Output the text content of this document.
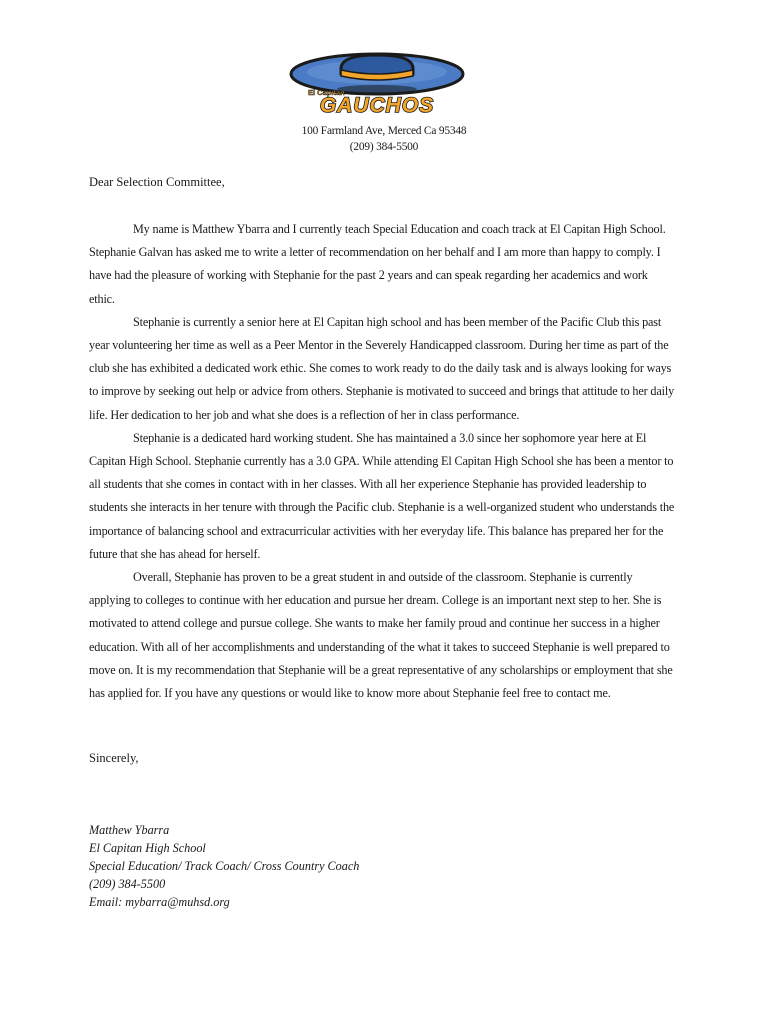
El Capitan
GAUCHOS
100 Farmland Ave, Merced Ca 95348
(209) 384-5500
Dear Selection Committee,

My name is Matthew Ybarra and I currently teach Special Education and coach track at El Capitan High School. Stephanie Galvan has asked me to write a letter of recommendation on her behalf and I am more than happy to comply. I have had the pleasure of working with Stephanie for the past 2 years and can speak regarding her academics and work ethic.

Stephanie is currently a senior here at El Capitan high school and has been member of the Pacific Club this past year volunteering her time as well as a Peer Mentor in the Severely Handicapped classroom. During her time as part of the club she has exhibited a dedicated work ethic. She comes to work ready to do the daily task and is always looking for ways to improve by seeking out help or advice from others. Stephanie is motivated to succeed and brings that attitude to her daily life. Her dedication to her job and what she does is a reflection of her in class performance.

Stephanie is a dedicated hard working student. She has maintained a 3.0 since her sophomore year here at El Capitan High School. Stephanie currently has a 3.0 GPA. While attending El Capitan High School she has been a mentor to all students that she comes in contact with in her classes. With all her experience Stephanie has provided leadership to students she interacts in her tenure with through the Pacific club. Stephanie is a well-organized student who understands the importance of balancing school and extracurricular activities with her everyday life. This balance has prepared her for the future that she has ahead for herself.

Overall, Stephanie has proven to be a great student in and outside of the classroom. Stephanie is currently applying to colleges to continue with her education and pursue her dream. College is an important next step to her. She is motivated to attend college and pursue college. She wants to make her family proud and continue her success in a higher education. With all of her accomplishments and understanding of the what it takes to succeed Stephanie is well prepared to move on. It is my recommendation that Stephanie will be a great representative of any scholarships or employment that she has applied for. If you have any questions or would like to know more about Stephanie feel free to contact me.

Sincerely,
Matthew Ybarra
El Capitan High School
Special Education/ Track Coach/ Cross Country Coach
(209) 384-5500
Email: mybarra@muhsd.org
